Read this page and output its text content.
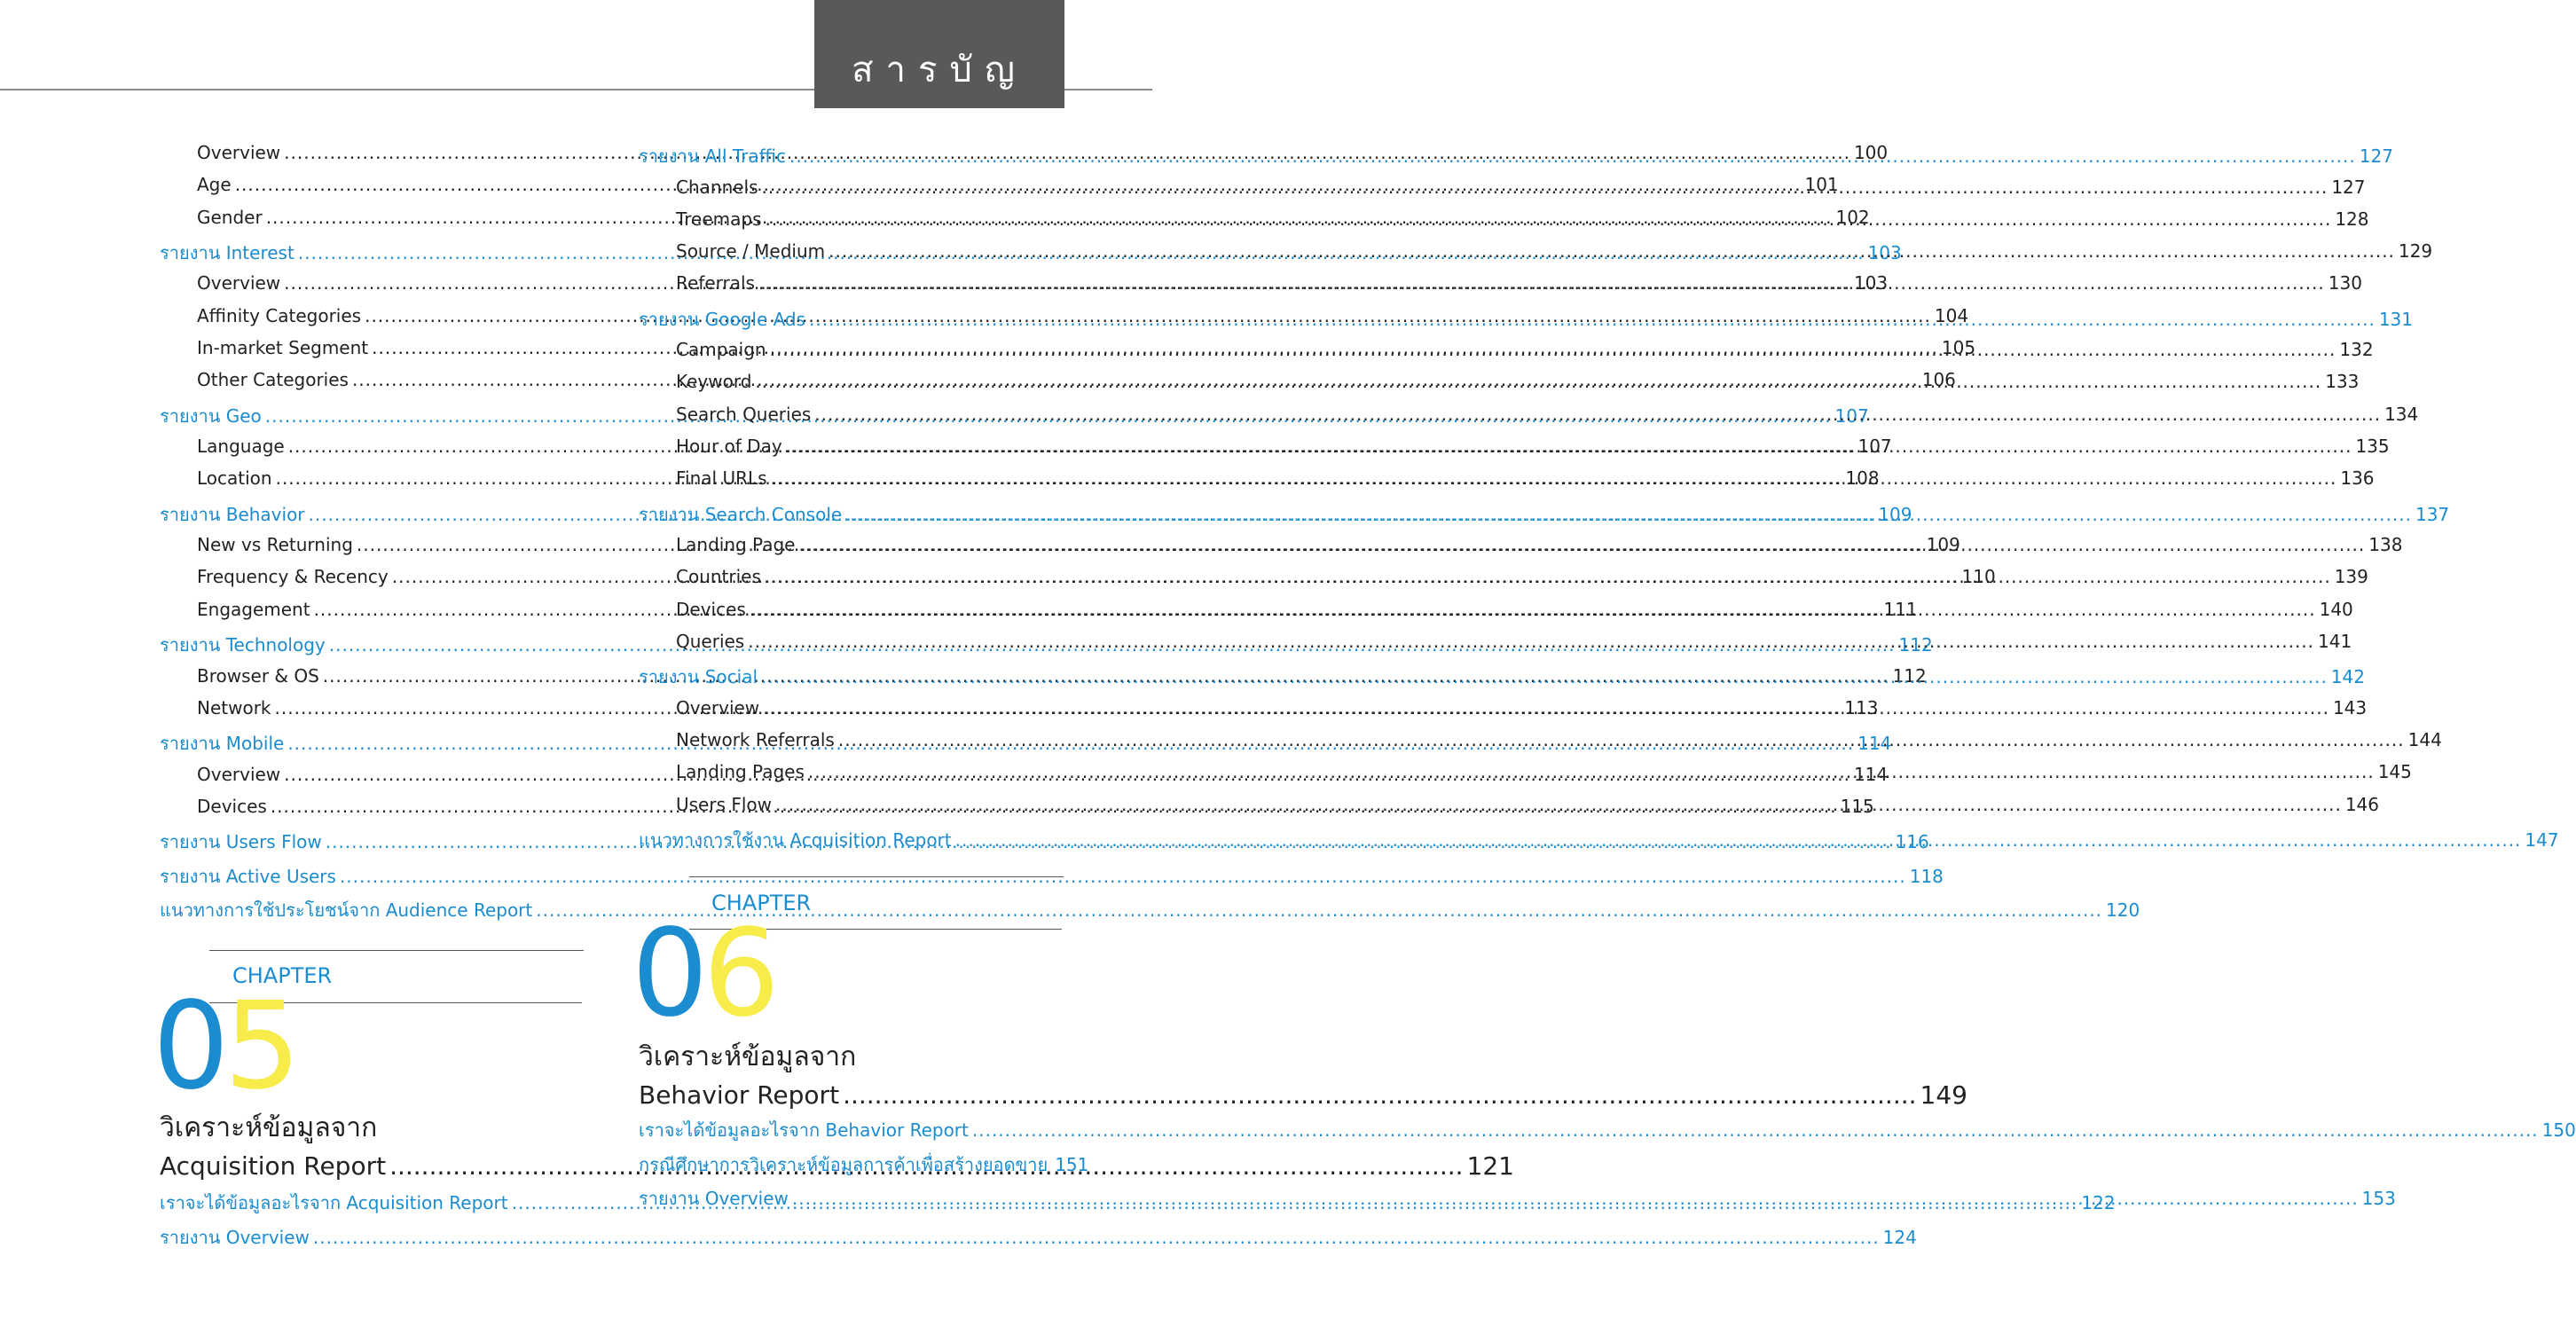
สารบัญ
Overview .....	100
Age .....	101
Gender .....	102
รายงาน Interest .....	103
Overview .....	103
Affinity Categories .....	104
In-market Segment .....	105
Other Categories .....	106
รายงาน Geo .....	107
Language .....	107
Location .....	108
รายงาน Behavior .....	109
New vs Returning .....	109
Frequency & Recency .....	110
Engagement .....	111
รายงาน Technology .....	112
Browser & OS .....	112
Network .....	113
รายงาน Mobile .....	114
Overview .....	114
Devices .....	115
รายงาน Users Flow .....	116
รายงาน Active Users .....	118
แนวทางการใช้ประโยชน์จาก Audience Report .....	120
รายงาน All Traffic .....	127
Channels .....	127
Treemaps .....	128
Source / Medium .....	129
Referrals .....	130
รายงาน Google Ads .....	131
Campaign .....	132
Keyword .....	133
Search Queries .....	134
Hour of Day .....	135
Final URLs .....	136
รายงาน Search Console .....	137
Landing Page .....	138
Countries .....	139
Devices .....	140
Queries .....	141
รายงาน Social .....	142
Overview .....	143
Network Referrals .....	144
Landing Pages .....	145
Users Flow .....	146
แนวทางการใช้งาน Acquisition Report .....	147
CHAPTER
05
วิเคราะห์ข้อมูลจาก
Acquisition Report .....	121
เราจะได้ข้อมูลอะไรจาก Acquisition Report .....	122
รายงาน Overview .....	124
CHAPTER
06
วิเคราะห์ข้อมูลจาก
Behavior Report .....	149
เราจะได้ข้อมูลอะไรจาก Behavior Report .....	150
กรณีศึกษาการวิเคราะห์ข้อมูลการค้าเพื่อสร้างยอดขาย 151
รายงาน Overview .....	153
